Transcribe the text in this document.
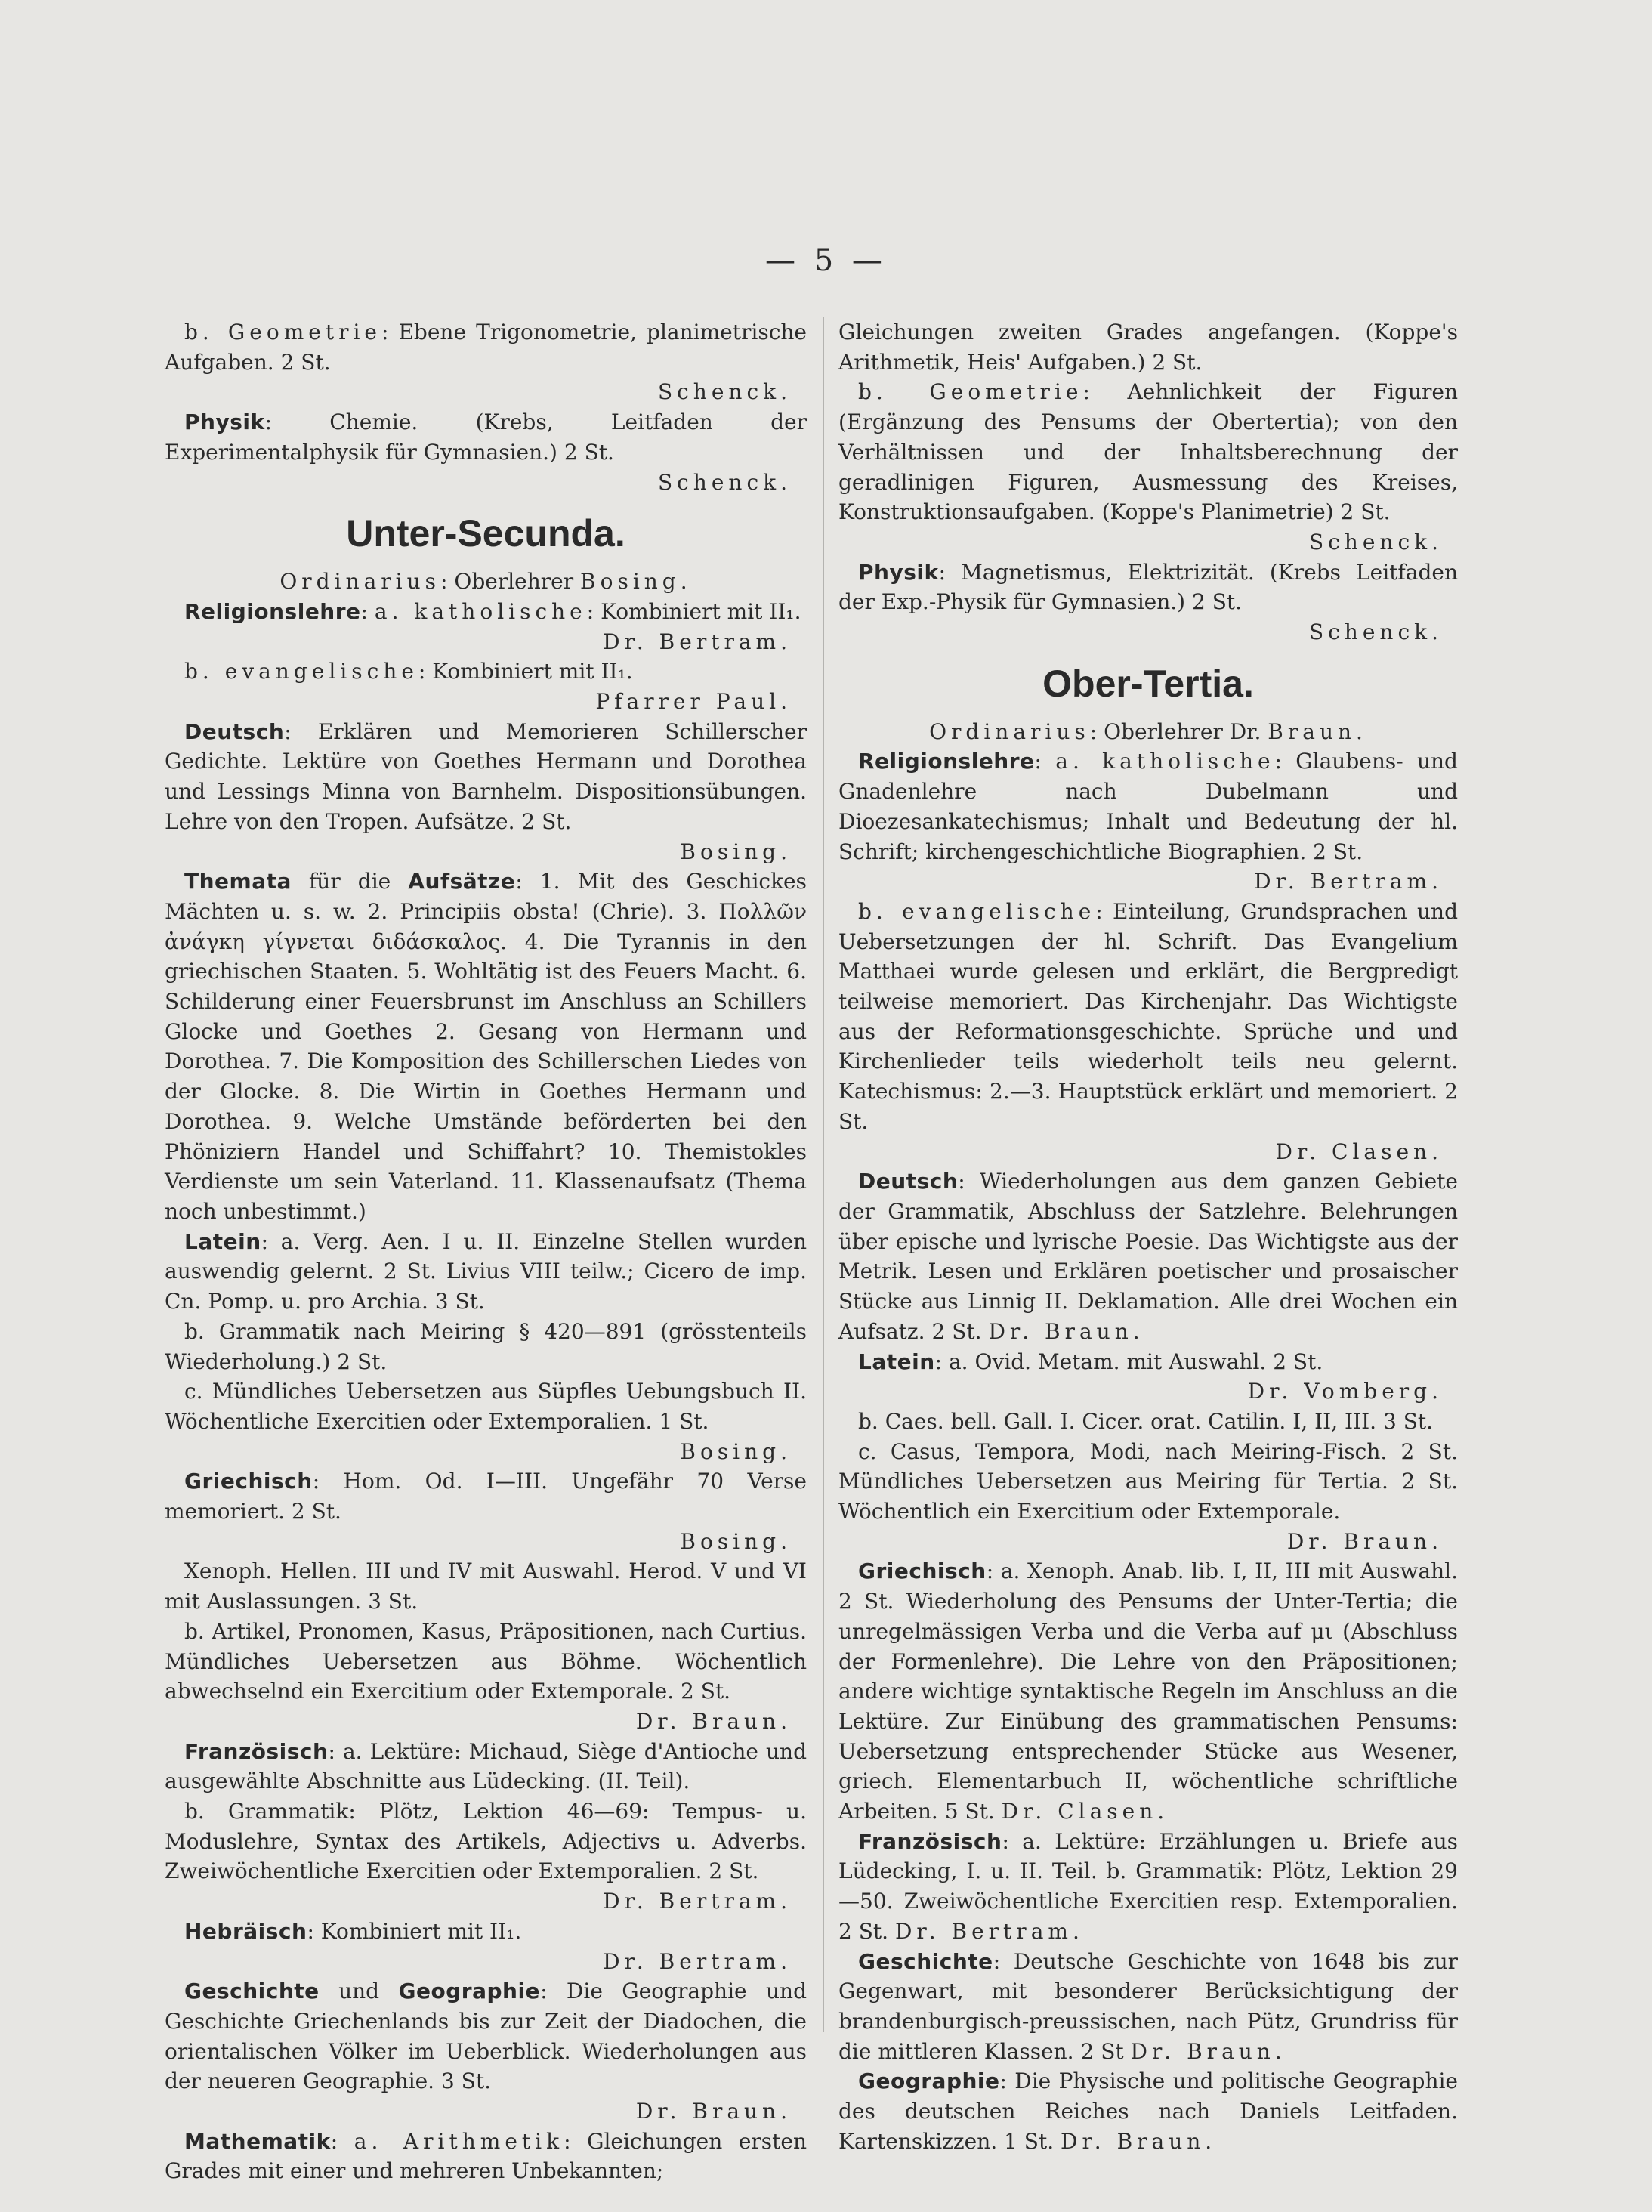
— 5 —

b. Geometrie: Ebene Trigonometrie, planimetrische Aufgaben. 2 St.

Schenck.

Physik: Chemie. (Krebs, Leitfaden der Experimentalphysik für Gymnasien.) 2 St.

Schenck.

Unter-Secunda.

Ordinarius: Oberlehrer Bosing.

Religionslehre: a. katholische: Kombiniert mit II₁.

Dr. Bertram.

b. evangelische: Kombiniert mit II₁.

Pfarrer Paul.

Deutsch: Erklären und Memorieren Schillerscher Gedichte. Lektüre von Goethes Hermann und Dorothea und Lessings Minna von Barnhelm. Dispositionsübungen. Lehre von den Tropen. Aufsätze. 2 St.

Bosing.

Themata für die Aufsätze: 1. Mit des Geschickes Mächten u. s. w. 2. Principiis obsta! (Chrie). 3. Πολλῶν ἀνάγκη γίγνεται διδάσκαλος. 4. Die Tyrannis in den griechischen Staaten. 5. Wohltätig ist des Feuers Macht. 6. Schilderung einer Feuersbrunst im Anschluss an Schillers Glocke und Goethes 2. Gesang von Hermann und Dorothea. 7. Die Komposition des Schillerschen Liedes von der Glocke. 8. Die Wirtin in Goethes Hermann und Dorothea. 9. Welche Umstände beförderten bei den Phöniziern Handel und Schiffahrt? 10. Themistokles Verdienste um sein Vaterland. 11. Klassenaufsatz (Thema noch unbestimmt.)

Latein: a. Verg. Aen. I u. II. Einzelne Stellen wurden auswendig gelernt. 2 St. Livius VIII teilw.; Cicero de imp. Cn. Pomp. u. pro Archia. 3 St.

b. Grammatik nach Meiring § 420—891 (grösstenteils Wiederholung.) 2 St.

c. Mündliches Uebersetzen aus Süpfles Uebungsbuch II. Wöchentliche Exercitien oder Extemporalien. 1 St.

Bosing.

Griechisch: Hom. Od. I—III. Ungefähr 70 Verse memoriert. 2 St.

Bosing.

Xenoph. Hellen. III und IV mit Auswahl. Herod. V und VI mit Auslassungen. 3 St.

b. Artikel, Pronomen, Kasus, Präpositionen, nach Curtius. Mündliches Uebersetzen aus Böhme. Wöchentlich abwechselnd ein Exercitium oder Extemporale. 2 St.

Dr. Braun.

Französisch: a. Lektüre: Michaud, Siège d'Antioche und ausgewählte Abschnitte aus Lüdecking. (II. Teil).

b. Grammatik: Plötz, Lektion 46—69: Tempus- u. Moduslehre, Syntax des Artikels, Adjectivs u. Adverbs. Zweiwöchentliche Exercitien oder Extemporalien. 2 St.

Dr. Bertram.

Hebräisch: Kombiniert mit II₁.

Dr. Bertram.

Geschichte und Geographie: Die Geographie und Geschichte Griechenlands bis zur Zeit der Diadochen, die orientalischen Völker im Ueberblick. Wiederholungen aus der neueren Geographie. 3 St.

Dr. Braun.

Mathematik: a. Arithmetik: Gleichungen ersten Grades mit einer und mehreren Unbekannten;

Gleichungen zweiten Grades angefangen. (Koppe's Arithmetik, Heis' Aufgaben.) 2 St.

b. Geometrie: Aehnlichkeit der Figuren (Ergänzung des Pensums der Obertertia); von den Verhältnissen und der Inhaltsberechnung der geradlinigen Figuren, Ausmessung des Kreises, Konstruktionsaufgaben. (Koppe's Planimetrie) 2 St.

Schenck.

Physik: Magnetismus, Elektrizität. (Krebs Leitfaden der Exp.-Physik für Gymnasien.) 2 St.

Schenck.

Ober-Tertia.

Ordinarius: Oberlehrer Dr. Braun.

Religionslehre: a. katholische: Glaubens- und Gnadenlehre nach Dubelmann und Dioezesankatechismus; Inhalt und Bedeutung der hl. Schrift; kirchengeschichtliche Biographien. 2 St.

Dr. Bertram.

b. evangelische: Einteilung, Grundsprachen und Uebersetzungen der hl. Schrift. Das Evangelium Matthaei wurde gelesen und erklärt, die Bergpredigt teilweise memoriert. Das Kirchenjahr. Das Wichtigste aus der Reformationsgeschichte. Sprüche und und Kirchenlieder teils wiederholt teils neu gelernt. Katechismus: 2.—3. Hauptstück erklärt und memoriert. 2 St.

Dr. Clasen.

Deutsch: Wiederholungen aus dem ganzen Gebiete der Grammatik, Abschluss der Satzlehre. Belehrungen über epische und lyrische Poesie. Das Wichtigste aus der Metrik. Lesen und Erklären poetischer und prosaischer Stücke aus Linnig II. Deklamation. Alle drei Wochen ein Aufsatz. 2 St. Dr. Braun.

Latein: a. Ovid. Metam. mit Auswahl. 2 St.

Dr. Vomberg.

b. Caes. bell. Gall. I. Cicer. orat. Catilin. I, II, III. 3 St.

c. Casus, Tempora, Modi, nach Meiring-Fisch. 2 St. Mündliches Uebersetzen aus Meiring für Tertia. 2 St. Wöchentlich ein Exercitium oder Extemporale.

Dr. Braun.

Griechisch: a. Xenoph. Anab. lib. I, II, III mit Auswahl. 2 St. Wiederholung des Pensums der Unter-Tertia; die unregelmässigen Verba und die Verba auf μι (Abschluss der Formenlehre). Die Lehre von den Präpositionen; andere wichtige syntaktische Regeln im Anschluss an die Lektüre. Zur Einübung des grammatischen Pensums: Uebersetzung entsprechender Stücke aus Wesener, griech. Elementarbuch II, wöchentliche schriftliche Arbeiten. 5 St. Dr. Clasen.

Französisch: a. Lektüre: Erzählungen u. Briefe aus Lüdecking, I. u. II. Teil. b. Grammatik: Plötz, Lektion 29—50. Zweiwöchentliche Exercitien resp. Extemporalien. 2 St. Dr. Bertram.

Geschichte: Deutsche Geschichte von 1648 bis zur Gegenwart, mit besonderer Berücksichtigung der brandenburgisch-preussischen, nach Pütz, Grundriss für die mittleren Klassen. 2 St Dr. Braun.

Geographie: Die Physische und politische Geographie des deutschen Reiches nach Daniels Leitfaden. Kartenskizzen. 1 St. Dr. Braun.
